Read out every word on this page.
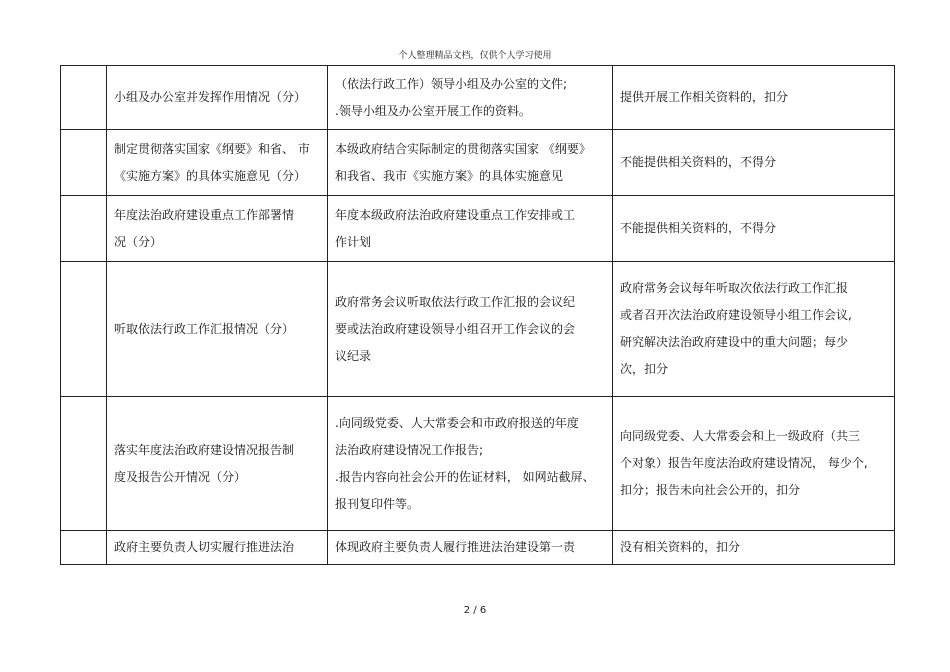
个人整理精品文档，仅供个人学习使用

	小组及办公室并发挥作用情况（分）	（依法行政工作）领导小组及办公室的文件;
.领导小组及办公室开展工作的资料。	提供开展工作相关资料的，扣分

	制定贯彻落实国家《纲要》和省、 市
《实施方案》的具体实施意见（分）	本级政府结合实际制定的贯彻落实国家 《纲要》
和我省、我市《实施方案》的具体实施意见	不能提供相关资料的，不得分

	年度法治政府建设重点工作部署情
况（分）	年度本级政府法治政府建设重点工作安排或工
作计划	不能提供相关资料的，不得分

	听取依法行政工作汇报情况（分）	政府常务会议听取依法行政工作汇报的会议纪
要或法治政府建设领导小组召开工作会议的会
议纪录	政府常务会议每年听取次依法行政工作汇报
或者召开次法治政府建设领导小组工作会议,
研究解决法治政府建设中的重大问题；每少
次，扣分

	落实年度法治政府建设情况报告制
度及报告公开情况（分）	.向同级党委、人大常委会和市政府报送的年度
法治政府建设情况工作报告;
.报告内容向社会公开的佐证材料， 如网站截屏、
报刊复印件等。	向同级党委、人大常委会和上一级政府（共三
个对象）报告年度法治政府建设情况， 每少个,
扣分；报告未向社会公开的，扣分

	政府主要负责人切实履行推进法治	体现政府主要负责人履行推进法治建设第一责	没有相关资料的，扣分
2 / 6
